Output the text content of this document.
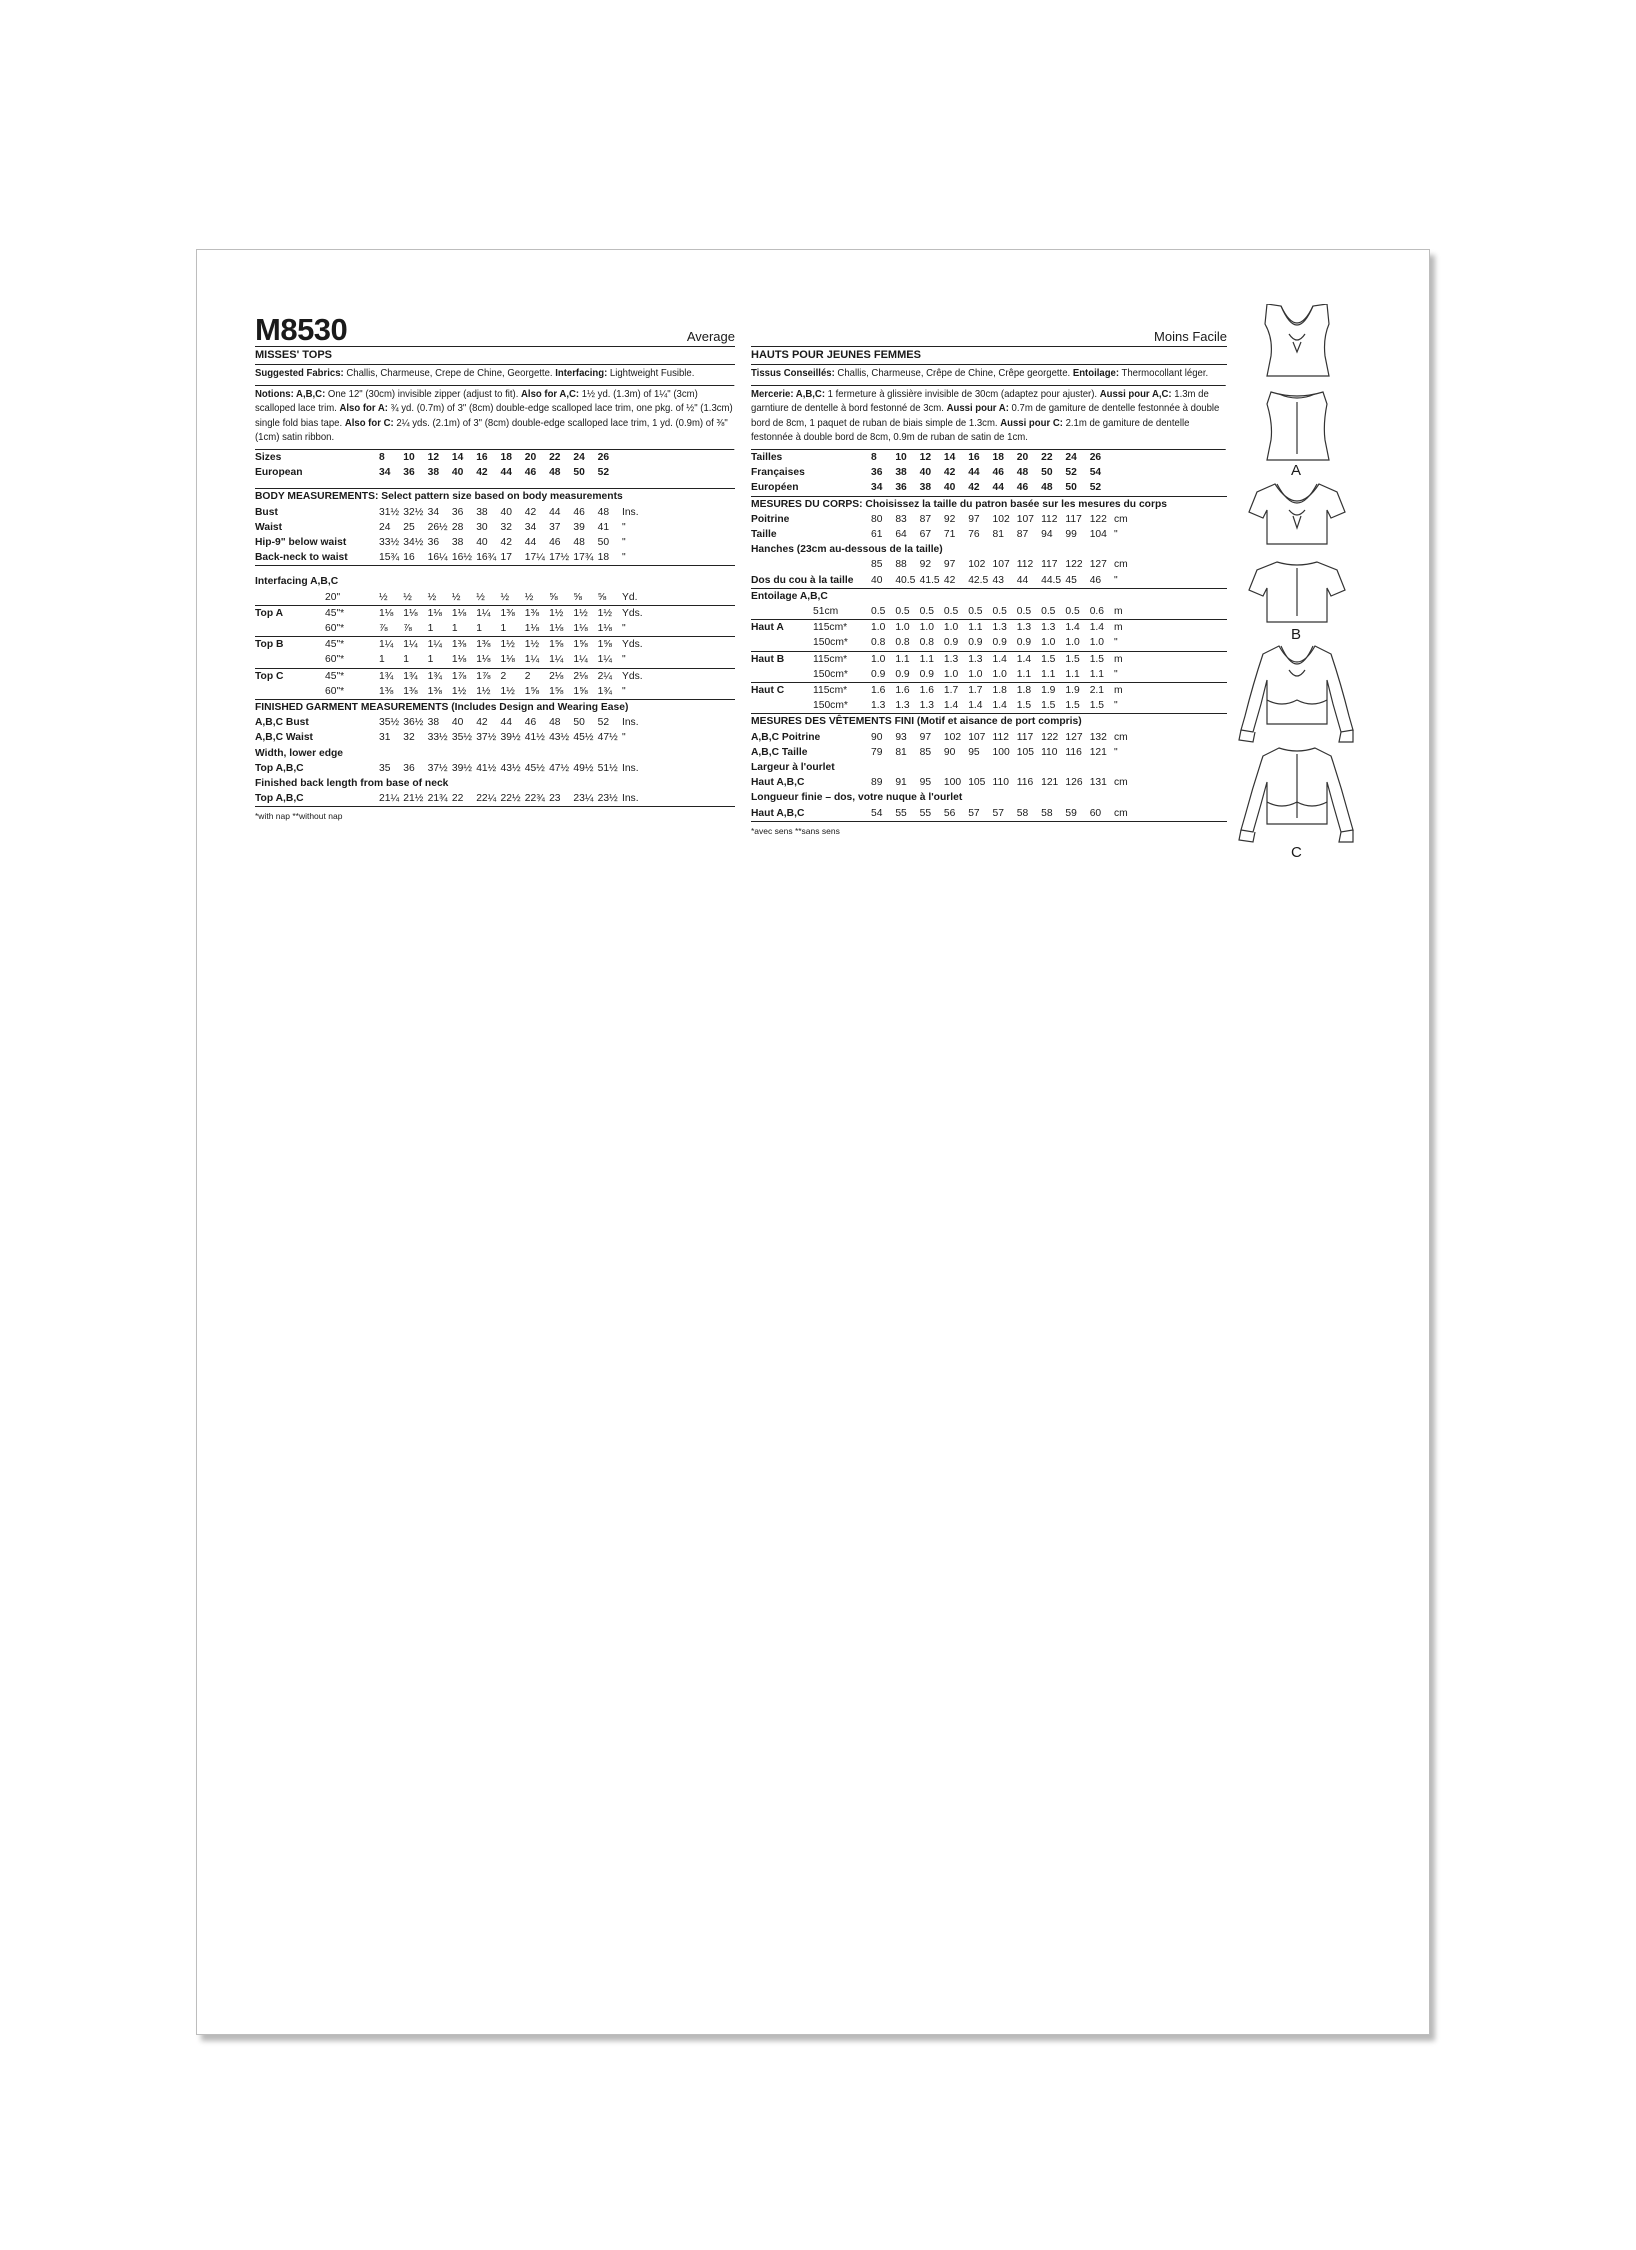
M8530	Average
MISSES' TOPS

Suggested Fabrics: Challis, Charmeuse, Crepe de Chine, Georgette. Interfacing: Lightweight Fusible.

Notions: A,B,C: One 12" (30cm) invisible zipper (adjust to fit). Also for A,C: 1½ yd. (1.3m) of 1¼" (3cm) scalloped lace trim. Also for A: ¾ yd. (0.7m) of 3" (8cm) double-edge scalloped lace trim, one pkg. of ½" (1.3cm) single fold bias tape. Also for C: 2¼ yds. (2.1m) of 3" (8cm) double-edge scalloped lace trim, 1 yd. (0.9m) of ⅜" (1cm) satin ribbon.

Sizes		8	10	12	14	16	18	20	22	24	26	
European		34	36	38	40	42	44	46	48	50	52	

BODY MEASUREMENTS: Select pattern size based on body measurements												
Bust		31½	32½	34	36	38	40	42	44	46	48	Ins.
Waist		24	25	26½	28	30	32	34	37	39	41	"
Hip-9" below waist		33½	34½	36	38	40	42	44	46	48	50	"
Back-neck to waist		15¾	16	16¼	16½	16¾	17	17¼	17½	17¾	18	"

Interfacing A,B,C												
	20"	½	½	½	½	½	½	½	⅝	⅝	⅝	Yd.
Top A	45"*	1⅛	1⅛	1⅛	1⅛	1¼	1⅜	1⅜	1½	1½	1½	Yds.
	60"*	⅞	⅞	1	1	1	1	1⅛	1⅛	1⅛	1⅛	"
Top B	45"*	1¼	1¼	1¼	1⅜	1⅜	1½	1½	1⅝	1⅝	1⅝	Yds.
	60"*	1	1	1	1⅛	1⅛	1⅛	1¼	1¼	1¼	1¼	"
Top C	45"*	1¾	1¾	1¾	1⅞	1⅞	2	2	2⅛	2⅛	2¼	Yds.
	60"*	1⅜	1⅜	1⅜	1½	1½	1½	1⅝	1⅝	1⅝	1¾	"
FINISHED GARMENT MEASUREMENTS (Includes Design and Wearing Ease)												
A,B,C Bust		35½	36½	38	40	42	44	46	48	50	52	Ins.
A,B,C Waist		31	32	33½	35½	37½	39½	41½	43½	45½	47½	"
Width, lower edge												
Top A,B,C		35	36	37½	39½	41½	43½	45½	47½	49½	51½	Ins.
Finished back length from base of neck												
Top A,B,C		21¼	21½	21¾	22	22¼	22½	22¾	23	23¼	23½	Ins.
*with nap **without nap
Moins Facile
HAUTS POUR JEUNES FEMMES

Tissus Conseillés: Challis, Charmeuse, Crêpe de Chine, Crêpe georgette. Entoilage: Thermocollant léger.

Mercerie: A,B,C: 1 fermeture à glissière invisible de 30cm (adaptez pour ajuster). Aussi pour A,C: 1.3m de garntiure de dentelle à bord festonné de 3cm. Aussi pour A: 0.7m de gamiture de dentelle festonnée à double bord de 8cm, 1 paquet de ruban de biais simple de 1.3cm. Aussi pour C: 2.1m de gamiture de dentelle festonnée à double bord de 8cm, 0.9m de ruban de satin de 1cm.

Tailles		8	10	12	14	16	18	20	22	24	26	
Françaises		36	38	40	42	44	46	48	50	52	54	
Européen		34	36	38	40	42	44	46	48	50	52	
MESURES DU CORPS: Choisissez la taille du patron basée sur les mesures du corps												
Poitrine		80	83	87	92	97	102	107	112	117	122	cm
Taille		61	64	67	71	76	81	87	94	99	104	"
Hanches (23cm au-dessous de la taille)												
		85	88	92	97	102	107	112	117	122	127	cm
Dos du cou à la taille		40	40.5	41.5	42	42.5	43	44	44.5	45	46	"
Entoilage A,B,C												
	51cm	0.5	0.5	0.5	0.5	0.5	0.5	0.5	0.5	0.5	0.6	m
Haut A	115cm*	1.0	1.0	1.0	1.0	1.1	1.3	1.3	1.3	1.4	1.4	m
	150cm*	0.8	0.8	0.8	0.9	0.9	0.9	0.9	1.0	1.0	1.0	"
Haut B	115cm*	1.0	1.1	1.1	1.3	1.3	1.4	1.4	1.5	1.5	1.5	m
	150cm*	0.9	0.9	0.9	1.0	1.0	1.0	1.1	1.1	1.1	1.1	"
Haut C	115cm*	1.6	1.6	1.6	1.7	1.7	1.8	1.8	1.9	1.9	2.1	m
	150cm*	1.3	1.3	1.3	1.4	1.4	1.4	1.5	1.5	1.5	1.5	"
MESURES DES VÊTEMENTS FINI (Motif et aisance de port compris)												
A,B,C Poitrine		90	93	97	102	107	112	117	122	127	132	cm
A,B,C Taille		79	81	85	90	95	100	105	110	116	121	"
Largeur à l'ourlet												
Haut A,B,C		89	91	95	100	105	110	116	121	126	131	cm
Longueur finie – dos, votre nuque à l'ourlet												
Haut A,B,C		54	55	55	56	57	57	58	58	59	60	cm
*avec sens **sans sens
A
B
C
